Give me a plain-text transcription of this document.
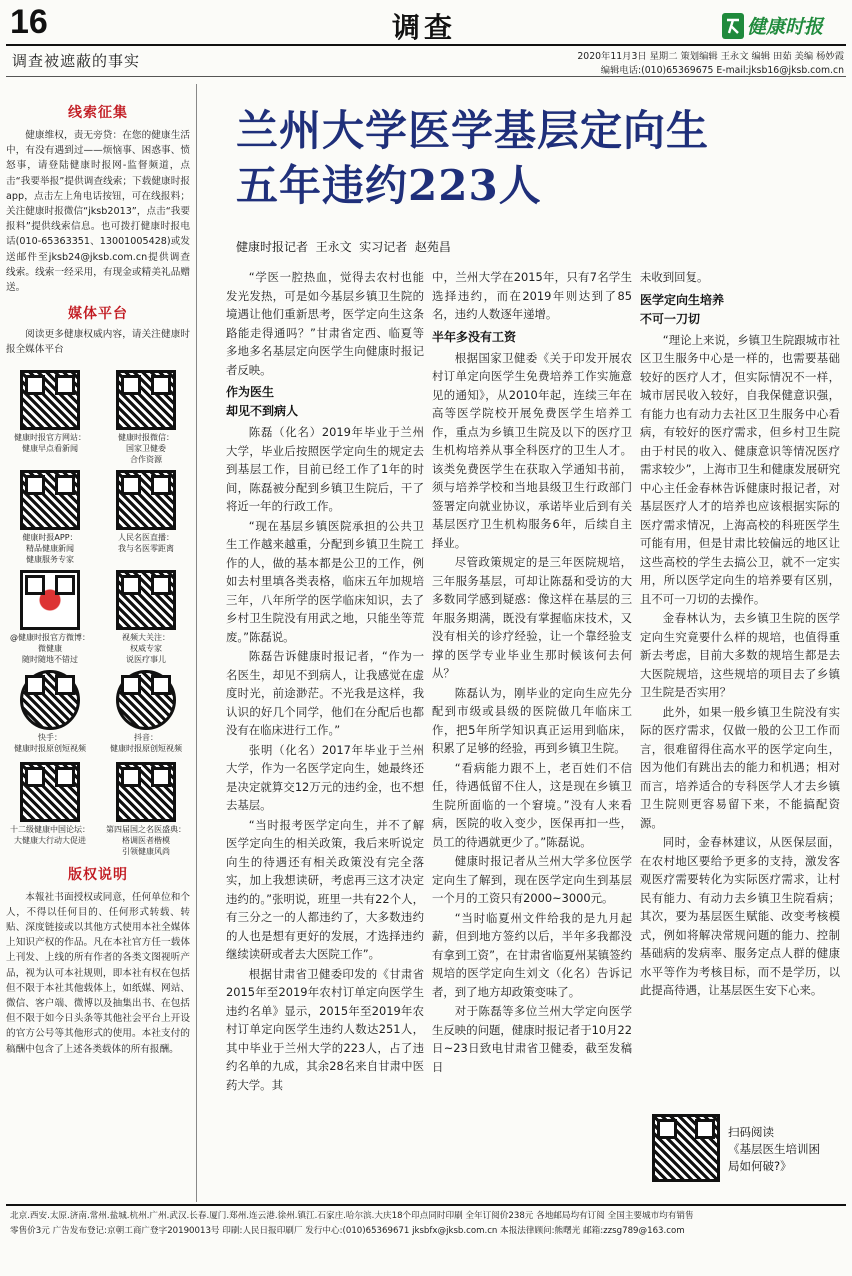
16	调查	健康时报
调查被遮蔽的事实	2020年11月3日 星期二 策划编辑 王永文 编辑 田茹 美编 杨妙霞
编辑电话:(010)65369675 E-mail:jksb16@jksb.com.cn
线索征集
健康维权，责无旁贷：在您的健康生活中，有没有遇到过——烦恼事、困惑事、愤怒事，请登陆健康时报网-监督频道，点击“我要举报”提供调查线索；下载健康时报app，点击左上角电话按钮，可在线报料；关注健康时报微信“jksb2013”，点击“我要报料”提供线索信息。也可拨打健康时报电话(010-65363351、13001005428)或发送邮件至jksb24@jksb.com.cn提供调查线索。线索一经采用，有现金或精美礼品赠送。
媒体平台
阅读更多健康权威内容，请关注健康时报全媒体平台
健康时报官方网站：
健康早点看新闻
健康时报微信：
国家卫健委
合作资源
健康时报APP：
精品健康新闻
健康服务专家
人民名医直播：
我与名医零距离
@健康时报官方微博：
微健康
随时随地不错过
视频大关注：
权威专家
说医疗事儿
快手：
健康时报原创短视频
抖音：
健康时报原创短视频
十二级健康中国论坛：
大健康大行动大促进
第四届国之名医盛典：
格调医者楷模
引领健康风尚
版权说明
本報社书面授权或同意，任何单位和个人，不得以任何目的、任何形式转载、转贴、深度链接或以其他方式使用本社全媒体上知识产权的作品。凡在本社官方任一载体上刊发、上线的所有作者的各类文图视听产品，视为认可本社规则，即本社有权在包括但不限于本社其他载体上，如纸媒、网站、微信、客户端、微博以及抽集出书、在包括但不限于如今日头条等其他社会平台上开设的官方公号等其他形式的使用。本社支付的稿酬中包含了上述各类载体的所有报酬。
兰州大学医学基层定向生
五年违约223人
健康时报记者  王永文  实习记者  赵苑昌
“学医一腔热血，觉得去农村也能发光发热，可是如今基层乡镇卫生院的境遇让他们重新思考，医学定向生这条路能走得通吗？”甘肃省定西、临夏等多地多名基层定向医学生向健康时报记者反映。
作为医生
却见不到病人
陈磊（化名）2019年毕业于兰州大学，毕业后按照医学定向生的规定去到基层工作，目前已经工作了1年的时间，陈磊被分配到乡镇卫生院后，干了将近一年的行政工作。
“现在基层乡镇医院承担的公共卫生工作越来越重，分配到乡镇卫生院工作的人，做的基本都是公卫的工作，例如去村里填各类表格，临床五年加规培三年，八年所学的医学临床知识，去了乡村卫生院没有用武之地，只能坐等荒废。”陈磊说。
陈磊告诉健康时报记者，“作为一名医生，却见不到病人，让我感觉在虚度时光，前途渺茫。不光我是这样，我认识的好几个同学，他们在分配后也都没有在临床进行工作。”
张明（化名）2017年毕业于兰州大学，作为一名医学定向生，她最终还是决定就算交12万元的违约金，也不想去基层。
“当时报考医学定向生，并不了解医学定向生的相关政策，我后来听说定向生的待遇还有相关政策没有完全落实，加上我想读研，考虑再三这才决定违约的。”张明说，班里一共有22个人，有三分之一的人都违约了，大多数违约的人也是想有更好的发展，才选择违约继续读研或者去大医院工作”。
根据甘肃省卫健委印发的《甘肃省2015年至2019年农村订单定向医学生违约名单》显示，2015年至2019年农村订单定向医学生违约人数达251人，其中毕业于兰州大学的223人，占了违约名单的九成，其余28名来自甘肃中医药大学。其
中，兰州大学在2015年，只有7名学生选择违约，而在2019年则达到了85名，违约人数逐年递增。
半年多没有工资
根据国家卫健委《关于印发开展农村订单定向医学生免费培养工作实施意见的通知》，从2010年起，连续三年在高等医学院校开展免费医学生培养工作，重点为乡镇卫生院及以下的医疗卫生机构培养从事全科医疗的卫生人才。该类免费医学生在获取入学通知书前，须与培养学校和当地县级卫生行政部门签署定向就业协议，承诺毕业后到有关基层医疗卫生机构服务6年，后续自主择业。
尽管政策规定的是三年医院规培，三年服务基层，可却让陈磊和受访的大多数同学感到疑惑：像这样在基层的三年服务期满，既没有掌握临床技术，又没有相关的诊疗经验，让一个靠经验支撑的医学专业毕业生那时候该何去何从？
陈磊认为，刚毕业的定向生应先分配到市级或县级的医院做几年临床工作，把5年所学知识真正运用到临床，积累了足够的经验，再到乡镇卫生院。
“看病能力跟不上，老百姓们不信任，待遇低留不住人，这是现在乡镇卫生院所面临的一个窘境。”没有人来看病，医院的收入变少，医保再扣一些，员工的待遇就更少了。”陈磊说。
健康时报记者从兰州大学多位医学定向生了解到，现在医学定向生到基层一个月的工资只有2000~3000元。
“当时临夏州文件给我的是九月起薪，但到地方签约以后，半年多我都没有拿到工资”，在甘肃省临夏州某镇签约规培的医学定向生刘文（化名）告诉记者，到了地方却政策变味了。
对于陈磊等多位兰州大学定向医学生反映的问题，健康时报记者于10月22日~23日致电甘肃省卫健委，截至发稿日
未收到回复。
医学定向生培养
不可一刀切
“理论上来说，乡镇卫生院跟城市社区卫生服务中心是一样的，也需要基础较好的医疗人才，但实际情况不一样，城市居民收入较好，自我保健意识强，有能力也有动力去社区卫生服务中心看病，有较好的医疗需求，但乡村卫生院由于村民的收入、健康意识等情况医疗需求较少”，上海市卫生和健康发展研究中心主任金春林告诉健康时报记者，对基层医疗人才的培养也应该根据实际的医疗需求情况，上海高校的科班医学生可能有用，但是甘肃比较偏远的地区让这些高校的学生去搞公卫，就不一定实用，所以医学定向生的培养要有区别，且不可一刀切的去操作。
金春林认为，去乡镇卫生院的医学定向生究竟要什么样的规培，也值得重新去考虑，目前大多数的规培生都是去大医院规培，这些规培的项目去了乡镇卫生院是否实用？
此外，如果一般乡镇卫生院没有实际的医疗需求，仅做一般的公卫工作而言，很难留得住高水平的医学定向生，因为他们有跳出去的能力和机遇；相对而言，培养适合的专科医学人才去乡镇卫生院则更容易留下来，不能搞配资源。
同时，金春林建议，从医保层面，在农村地区要给予更多的支持，激发客观医疗需要转化为实际医疗需求，让村民有能力、有动力去乡镇卫生院看病；其次，要为基层医生赋能、改变考核模式，例如将解决常规问题的能力、控制基础病的发病率、服务定点人群的健康水平等作为考核目标，而不是学历，以此提高待遇，让基层医生安下心来。
扫码阅读
《基层医生培训困局如何破?》
北京.西安.太原.济南.常州.盐城.杭州.广州.武汉.长春.厦门.郑州.连云港.徐州.镇江.石家庄.哈尔滨.大庆18个印点同时印刷 全年订阅价238元 各地邮局均有订阅 全国主要城市均有销售
零售价3元 广告发布登记:京朝工商广登字20190013号 印刷:人民日报印刷厂 发行中心:(010)65369671 jksbfx@jksb.com.cn 本报法律顾问:熊曙光 邮箱:zzsg789@163.com
